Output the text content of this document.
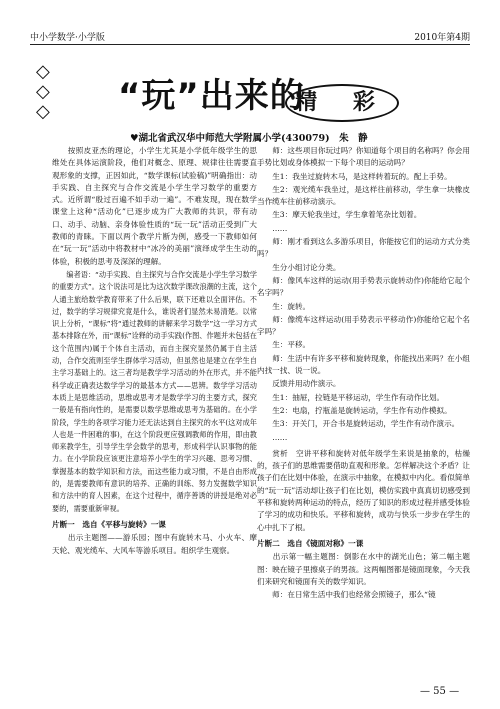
中小学数学·小学版	2010年第4期
◇
◇
◇ “玩”出来的
精 彩
♥湖北省武汉华中师范大学附属小学(430079)　朱　静

　　按照皮亚杰的理论，小学生尤其是小学低年级学生的思维处在具体运演阶段，他们对概念、原理、规律往往需要直观形象的支撑，正因如此，“数学课标(试验稿)”明确指出：动手实践、自主探究与合作交流是小学生学习数学的重要方式。近所谓“殷过百遍不如手动一遍”。不难发现，现在数学课堂上这种“活动化”已逐步成为广大教师的共识，带有动口、动手、动脑、亲身体验性质的“玩一玩”活动正受到广大教师的青睐。下面以两个教学片断为例，感受一下教师如何在“玩一玩”活动中将教材中“冰冷的美丽”演绎成学生生动的体验，积极的思考及深深的理解。

编者语：“动手实践、自主探究与合作交流是小学生学习数学的重要方式”。这个说法可是比为这次数学课改浪潮的主流，这个人通主旅给数学教育带来了什么后果，联下还难以全面评估。不过，数学的学习规律究竟是什么，谁说者们显然未易清楚。以常识上分析，“课标”将“通过教师的讲解来学习数学”这一学习方式基本排除在外，而“课标”诠释的动手实践(作图、作题并未包括在这个范围内)属于个体自主活动，而自主探究显然仍属于自主活动，合作交流则至学生群体学习活动，但虽然也是建立在学生自主学习基础上的。这三者均是教学学习活动的外在形式，并不能科学或正确表达数学学习的最基本方式——思辨。数学学习活动本质上是思维活动，思维或思考才是数学学习的主要方式，探究一般是有指向性的，是需要以数学思维或思考为基础的。在小学阶段，学生的各项学习能力还无法达到自主探究的水平(这对成年人也是一件困难的事)，在这个阶段更应强调教师的作用，即由教师来教学生，引导学生学会数学的思考，形成科学认识事物的能力。在小学阶段应该更注意培养小学生的学习兴趣、思考习惯、掌握基本的数学知识和方法，而这些能力或习惯，不是自由形成的，是需要教师有意识的培养、正确的训练、努力发掘数学知识和方法中的育人因素，在这个过程中，循序善诱的讲授是绝对必要的，需要重新审视。

片断一　选自《平移与旋转》一课

　　出示主题图——游乐园；图中有旋转木马、小火车、摩天轮、观光缆车、大风车等游乐项目。组织学生观察。

师：这些项目你玩过吗？你知道每个项目的名称吗？你会用手势比划或身体模拟一下每个项目的运动吗？

生1：我坐过旋转木马，是这样转着玩的。配上手势。

生2：观光缆车我坐过，是这样往前移动，学生拿一块橡皮当作缆车往前移动演示。

生3：摩天轮我坐过，学生拿着笔杂比划着。

……

师：刚才看到这么多游乐项目，你能按它们的运动方式分类吗？

生分小组讨论分类。

师：像风车这样的运动(用手势表示旋转动作)你能给它起个名字吗？

生：旋转。

师：像缆车这样运动(用手势表示平移动作)你能给它起个名字吗？

生：平移。

师：生活中有许多平移和旋转现象，你能找出来吗？在小组内找一找、说一说。

反馈并用动作演示。

生1：抽屉，拉链是平移运动，学生作有动作比划。

生2：电扇，拧瓶盖是旋转运动，学生作有动作模拟。

生3：开关门，开合书是旋转运动，学生作有动作演示。

……

赏析　空讲平移和旋转对低年级学生来说是抽象的，枯燥的，孩子们的思维需要借助直观和形象。怎样解决这个矛盾？让孩子们在比划中体验，在演示中抽象，在模拟中内化。看似简单的“玩一玩”活动却让孩子们在比划，模仿实践中真真切切感受到平移和旋转两种运动的特点，经历了知识的形成过程并感受体验了学习的成功和快乐。平移和旋转，成功与快乐一步步在学生的心中扎下了根。

片断二　选自《镜面对称》一课

　　出示第一幅主题图：倒影在水中的湖光山色；第二幅主题图：映在镜子里擦桌子的男孩。这两幅图都是镜面现象，今天我们来研究和镜面有关的数学知识。

　　师：在日常生活中我们也经常会照镜子，那么“镜

— 55 —
